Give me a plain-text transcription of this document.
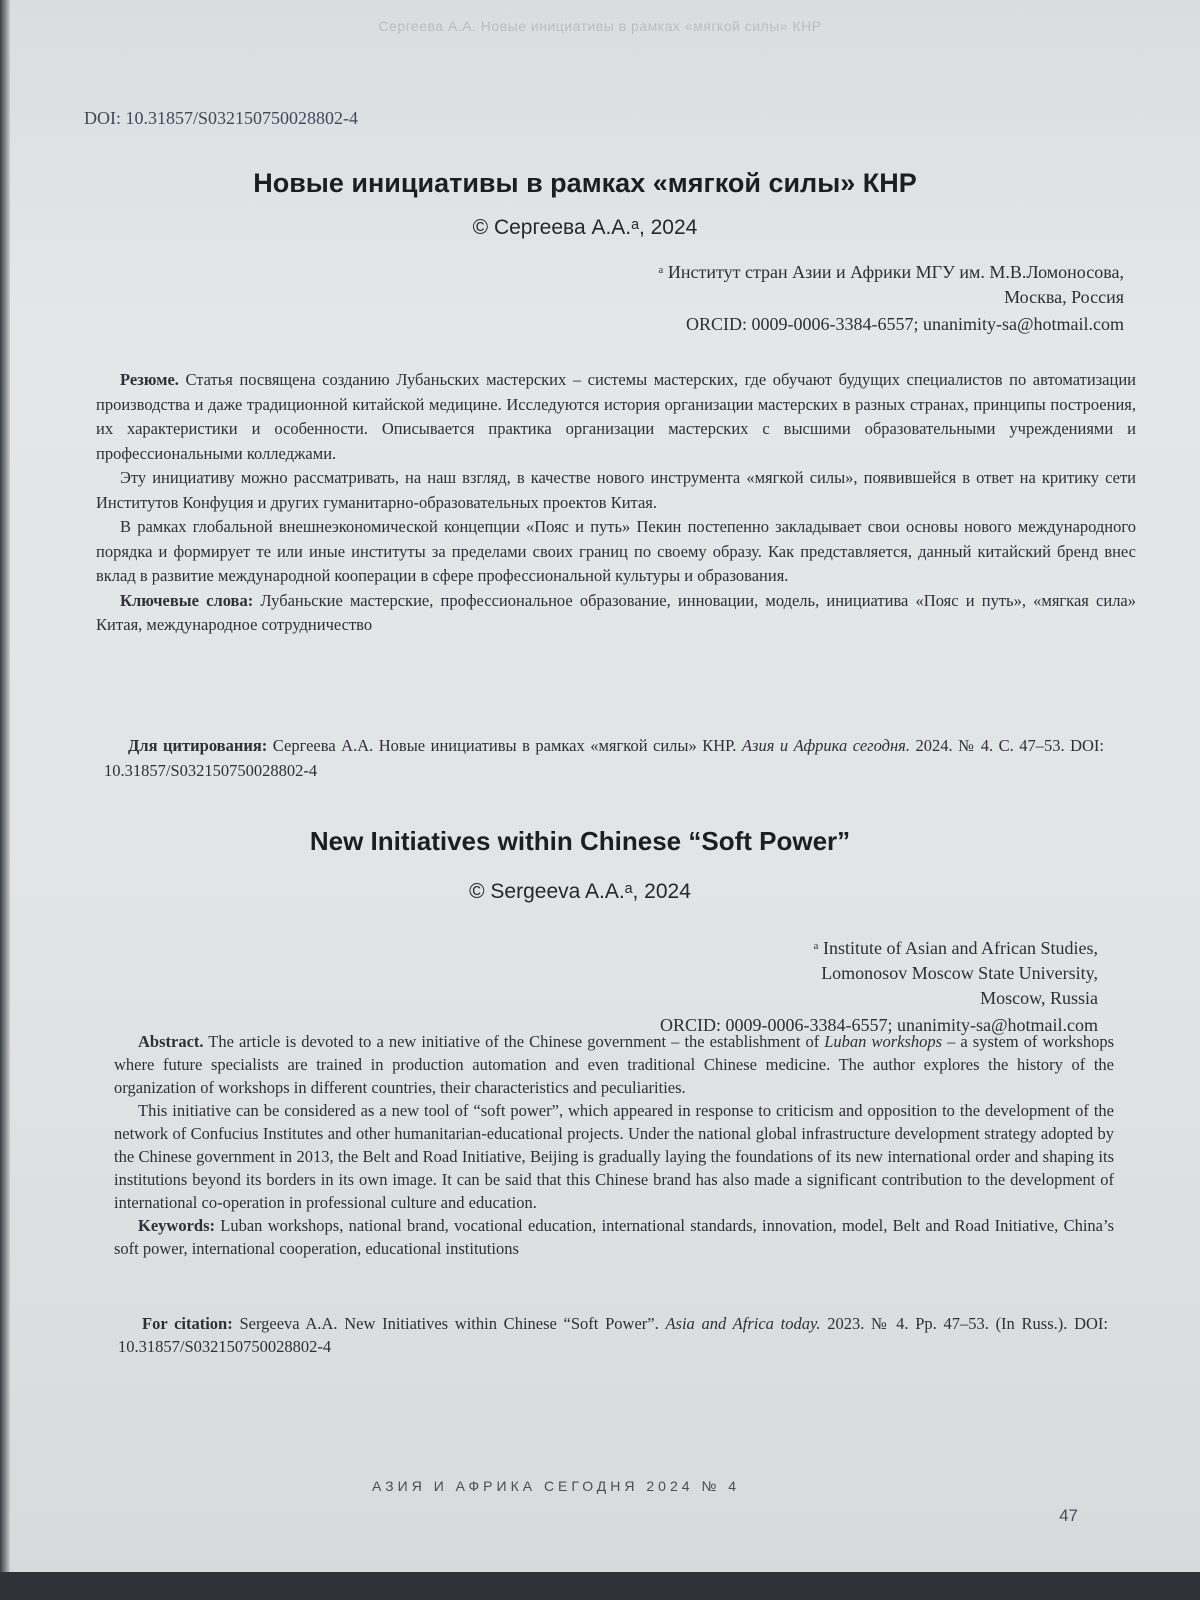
Сергеева А.А. Новые инициативы в рамках «мягкой силы» КНР
DOI: 10.31857/S032150750028802-4
Новые инициативы в рамках «мягкой силы» КНР
© Сергеева А.А.ᵃ, 2024
ᵃ Институт стран Азии и Африки МГУ им. М.В.Ломоносова,
Москва, Россия
ORCID: 0009-0006-3384-6557; unanimity-sa@hotmail.com

Резюме. Статья посвящена созданию Лубаньских мастерских – системы мастерских, где обучают будущих специалистов по автоматизации производства и даже традиционной китайской медицине. Исследуются история организации мастерских в разных странах, принципы построения, их характеристики и особенности. Описывается практика организации мастерских с высшими образовательными учреждениями и профессиональными колледжами.

Эту инициативу можно рассматривать, на наш взгляд, в качестве нового инструмента «мягкой силы», появившейся в ответ на критику сети Институтов Конфуция и других гуманитарно-образовательных проектов Китая.

В рамках глобальной внешнеэкономической концепции «Пояс и путь» Пекин постепенно закладывает свои основы нового международного порядка и формирует те или иные институты за пределами своих границ по своему образу. Как представляется, данный китайский бренд внес вклад в развитие международной кооперации в сфере профессиональной культуры и образования.

Ключевые слова: Лубаньские мастерские, профессиональное образование, инновации, модель, инициатива «Пояс и путь», «мягкая сила» Китая, международное сотрудничество

Для цитирования: Сергеева А.А. Новые инициативы в рамках «мягкой силы» КНР. Азия и Африка сегодня. 2024. № 4. С. 47–53. DOI: 10.31857/S032150750028802-4

New Initiatives within Chinese “Soft Power”
© Sergeeva A.A.ᵃ, 2024
ᵃ Institute of Asian and African Studies,
Lomonosov Moscow State University,
Moscow, Russia
ORCID: 0009-0006-3384-6557; unanimity-sa@hotmail.com

Abstract. The article is devoted to a new initiative of the Chinese government – the establishment of Luban workshops – a system of workshops where future specialists are trained in production automation and even traditional Chinese medicine. The author explores the history of the organization of workshops in different countries, their characteristics and peculiarities.

This initiative can be considered as a new tool of “soft power”, which appeared in response to criticism and opposition to the development of the network of Confucius Institutes and other humanitarian-educational projects. Under the national global infrastructure development strategy adopted by the Chinese government in 2013, the Belt and Road Initiative, Beijing is gradually laying the foundations of its new international order and shaping its institutions beyond its borders in its own image. It can be said that this Chinese brand has also made a significant contribution to the development of international co-operation in professional culture and education.

Keywords: Luban workshops, national brand, vocational education, international standards, innovation, model, Belt and Road Initiative, China’s soft power, international cooperation, educational institutions

For citation: Sergeeva A.A. New Initiatives within Chinese “Soft Power”. Asia and Africa today. 2023. № 4. Pp. 47–53. (In Russ.). DOI: 10.31857/S032150750028802-4

АЗИЯ И АФРИКА СЕГОДНЯ 2024 № 4
47
